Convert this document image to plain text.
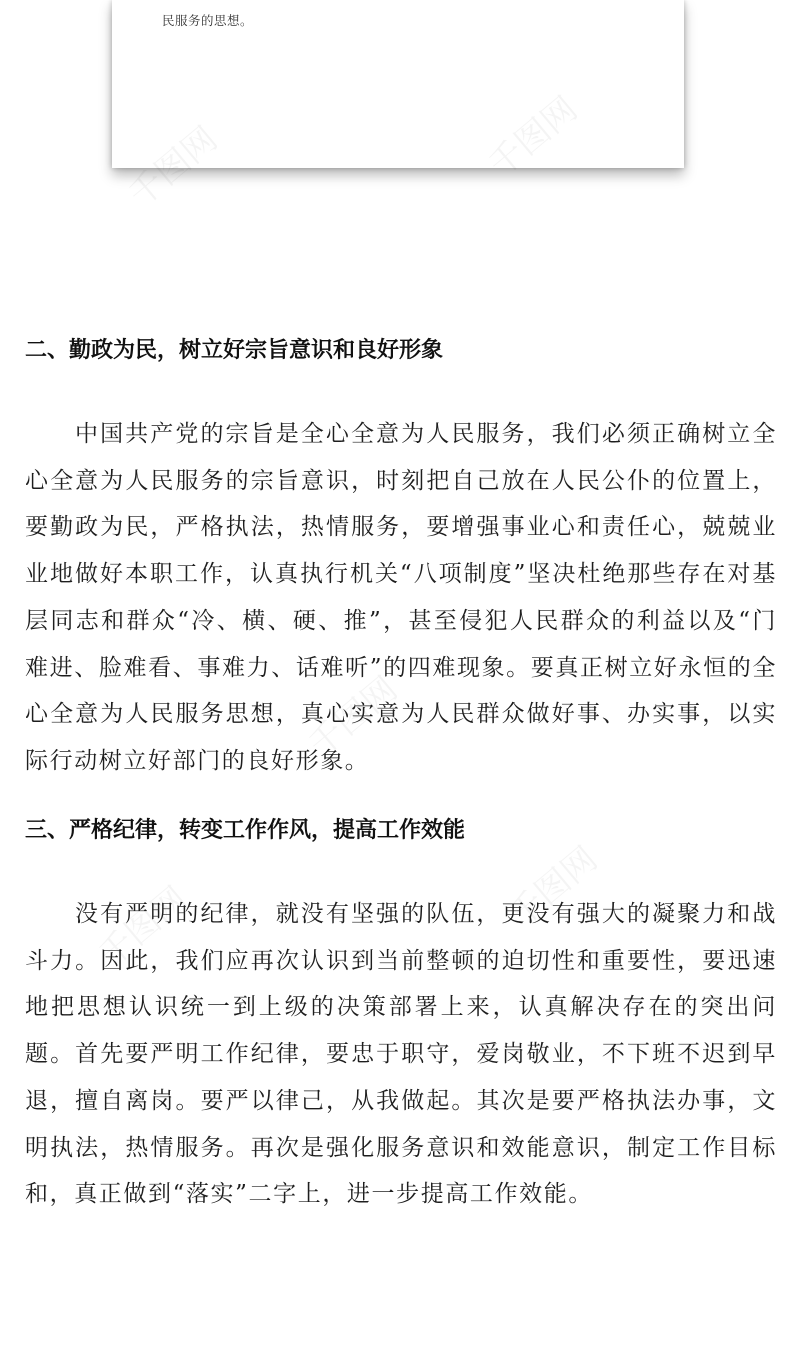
民服务的思想。
二、勤政为民，树立好宗旨意识和良好形象

中国共产党的宗旨是全心全意为人民服务，我们必须正确树立全心全意为人民服务的宗旨意识，时刻把自己放在人民公仆的位置上，要勤政为民，严格执法，热情服务，要增强事业心和责任心，兢兢业业地做好本职工作，认真执行机关“八项制度”坚决杜绝那些存在对基层同志和群众“冷、横、硬、推”，甚至侵犯人民群众的利益以及“门难进、脸难看、事难力、话难听”的四难现象。要真正树立好永恒的全心全意为人民服务思想，真心实意为人民群众做好事、办实事，以实际行动树立好部门的良好形象。

三、严格纪律，转变工作作风，提高工作效能

没有严明的纪律，就没有坚强的队伍，更没有强大的凝聚力和战斗力。因此，我们应再次认识到当前整顿的迫切性和重要性，要迅速地把思想认识统一到上级的决策部署上来，认真解决存在的突出问题。首先要严明工作纪律，要忠于职守，爱岗敬业，不下班不迟到早退，擅自离岗。要严以律己，从我做起。其次是要严格执法办事，文明执法，热情服务。再次是强化服务意识和效能意识，制定工作目标和，真正做到“落实”二字上，进一步提高工作效能。
